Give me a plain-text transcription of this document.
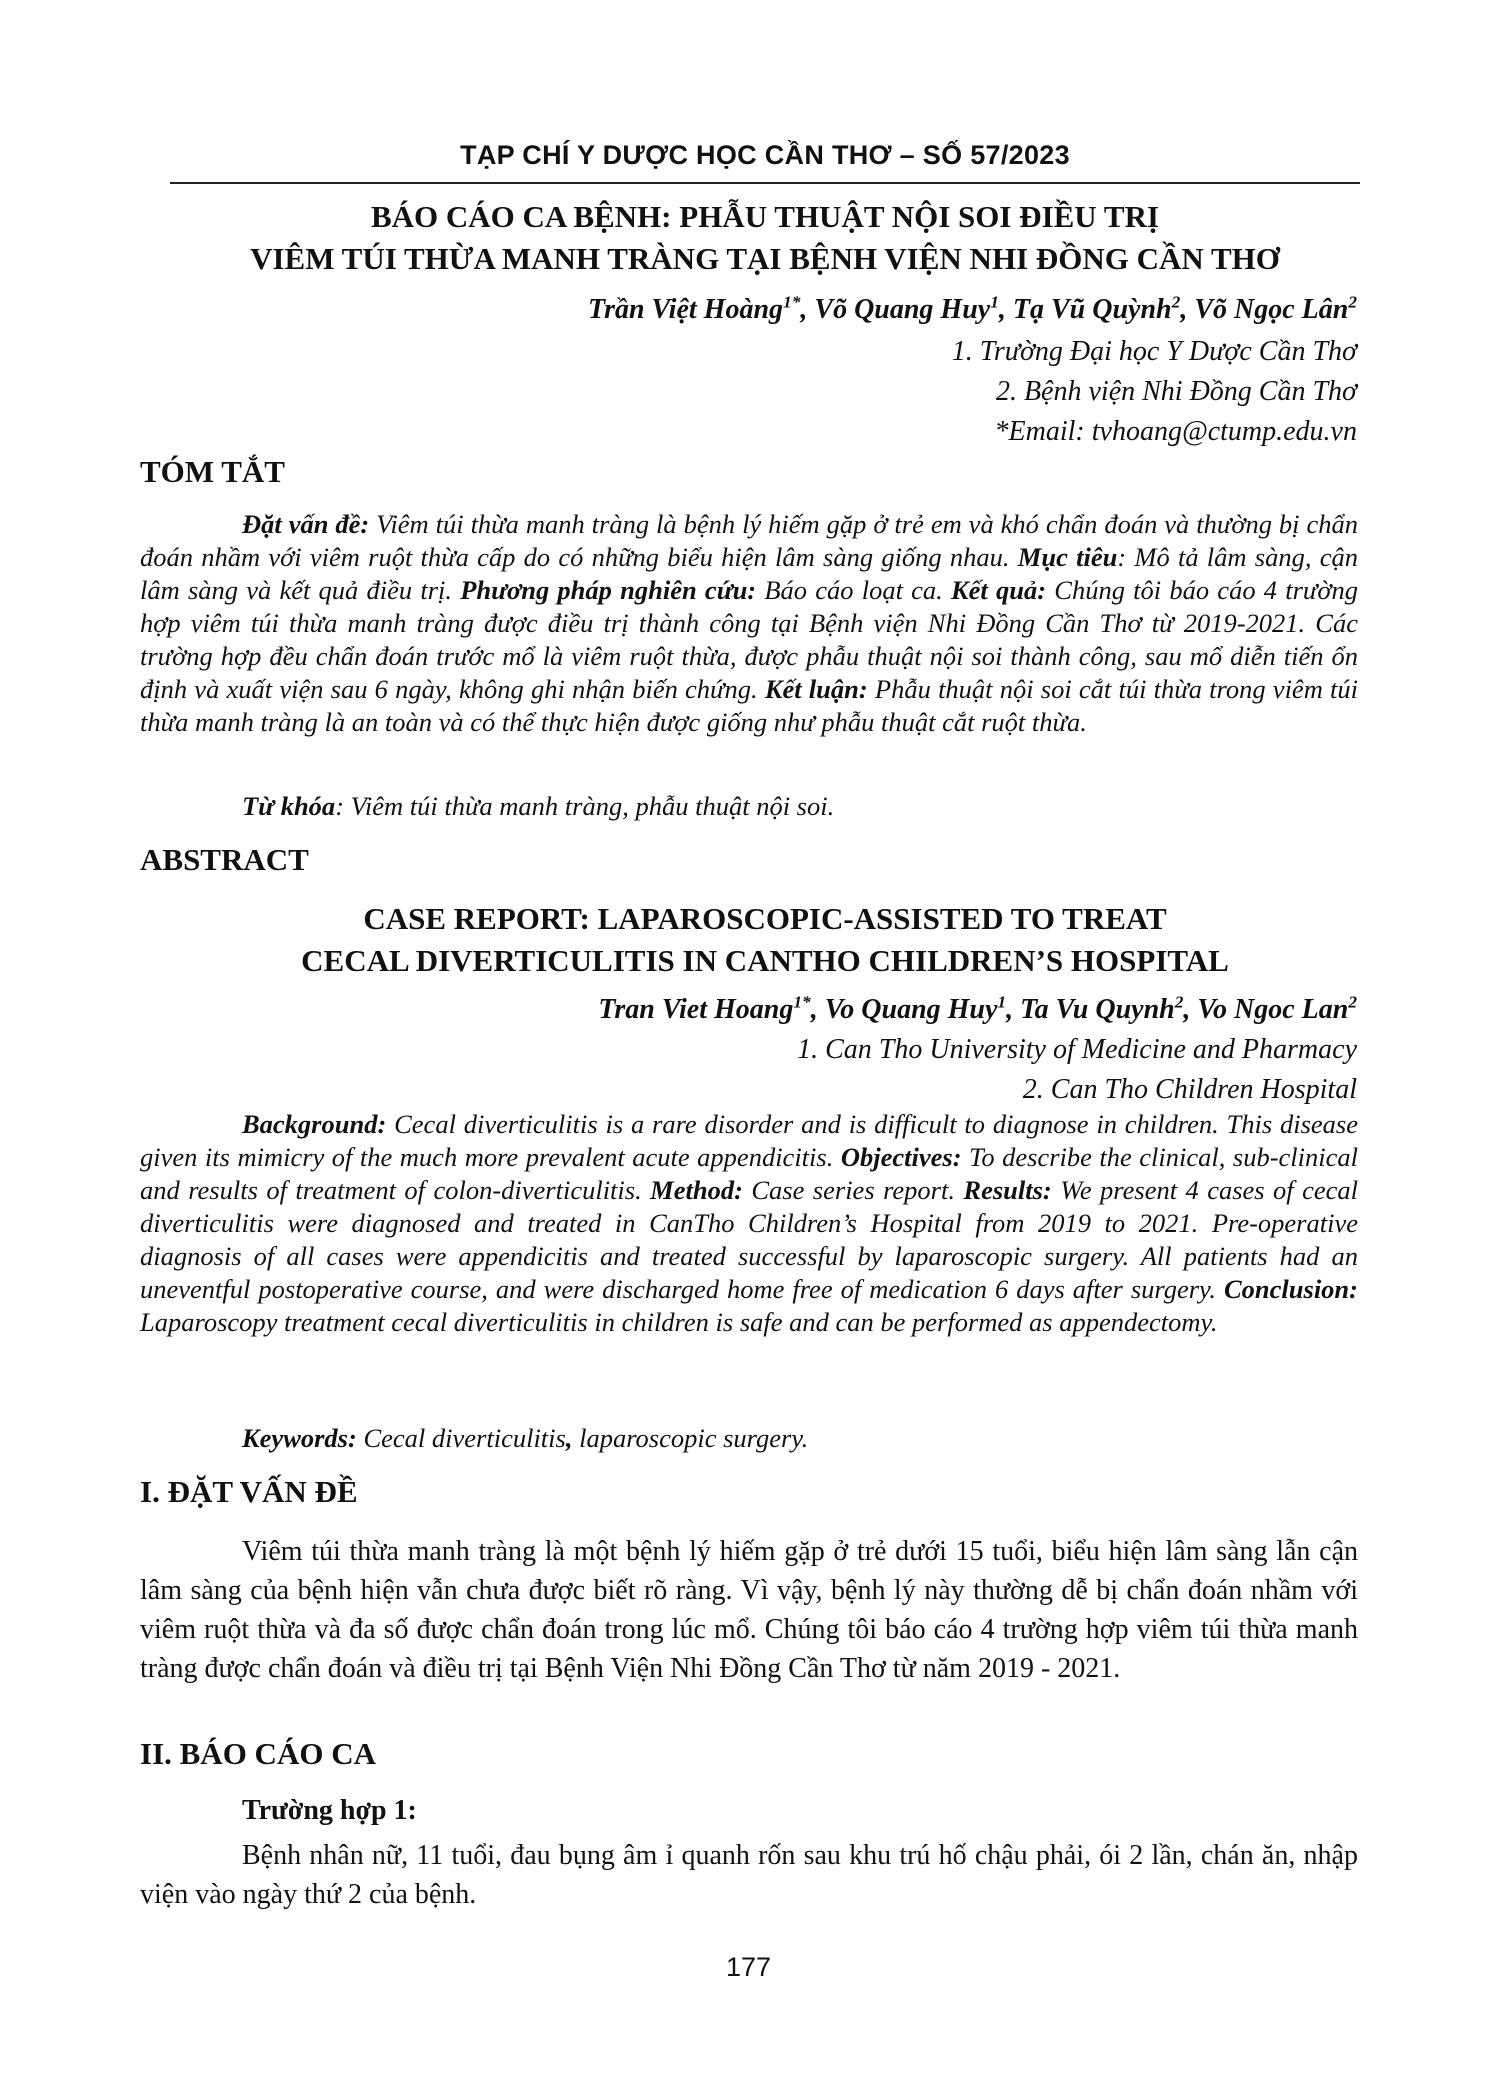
TẠP CHÍ Y DƯỢC HỌC CẦN THƠ – SỐ 57/2023
BÁO CÁO CA BỆNH: PHẪU THUẬT NỘI SOI ĐIỀU TRỊ
VIÊM TÚI THỪA MANH TRÀNG TẠI BỆNH VIỆN NHI ĐỒNG CẦN THƠ
Trần Việt Hoàng$^{1*}$, Võ Quang Huy$^1$, Tạ Vũ Quỳnh$^2$, Võ Ngọc Lân$^2$
1. Trường Đại học Y Dược Cần Thơ
2. Bệnh viện Nhi Đồng Cần Thơ
*Email: tvhoang@ctump.edu.vn
TÓM TẮT
Đặt vấn đề: Viêm túi thừa manh tràng là bệnh lý hiếm gặp ở trẻ em và khó chẩn đoán và thường bị chẩn đoán nhầm với viêm ruột thừa cấp do có những biểu hiện lâm sàng giống nhau. Mục tiêu: Mô tả lâm sàng, cận lâm sàng và kết quả điều trị. Phương pháp nghiên cứu: Báo cáo loạt ca. Kết quả: Chúng tôi báo cáo 4 trường hợp viêm túi thừa manh tràng được điều trị thành công tại Bệnh viện Nhi Đồng Cần Thơ từ 2019-2021. Các trường hợp đều chẩn đoán trước mổ là viêm ruột thừa, được phẫu thuật nội soi thành công, sau mổ diễn tiến ổn định và xuất viện sau 6 ngày, không ghi nhận biến chứng. Kết luận: Phẫu thuật nội soi cắt túi thừa trong viêm túi thừa manh tràng là an toàn và có thể thực hiện được giống như phẫu thuật cắt ruột thừa.
Từ khóa: Viêm túi thừa manh tràng, phẫu thuật nội soi.
ABSTRACT
CASE REPORT: LAPAROSCOPIC-ASSISTED TO TREAT
CECAL DIVERTICULITIS IN CANTHO CHILDREN’S HOSPITAL
Tran Viet Hoang$^{1*}$, Vo Quang Huy$^1$, Ta Vu Quynh$^2$, Vo Ngoc Lan$^2$
1. Can Tho University of Medicine and Pharmacy
2. Can Tho Children Hospital
Background: Cecal diverticulitis is a rare disorder and is difficult to diagnose in children. This disease given its mimicry of the much more prevalent acute appendicitis. Objectives: To describe the clinical, sub-clinical and results of treatment of colon-diverticulitis. Method: Case series report. Results: We present 4 cases of cecal diverticulitis were diagnosed and treated in CanTho Children’s Hospital from 2019 to 2021. Pre-operative diagnosis of all cases were appendicitis and treated successful by laparoscopic surgery. All patients had an uneventful postoperative course, and were discharged home free of medication 6 days after surgery. Conclusion: Laparoscopy treatment cecal diverticulitis in children is safe and can be performed as appendectomy.
Keywords: Cecal diverticulitis, laparoscopic surgery.
I. ĐẶT VẤN ĐỀ
Viêm túi thừa manh tràng là một bệnh lý hiếm gặp ở trẻ dưới 15 tuổi, biểu hiện lâm sàng lẫn cận lâm sàng của bệnh hiện vẫn chưa được biết rõ ràng. Vì vậy, bệnh lý này thường dễ bị chẩn đoán nhầm với viêm ruột thừa và đa số được chẩn đoán trong lúc mổ. Chúng tôi báo cáo 4 trường hợp viêm túi thừa manh tràng được chẩn đoán và điều trị tại Bệnh Viện Nhi Đồng Cần Thơ từ năm 2019 - 2021.
II. BÁO CÁO CA
Trường hợp 1:
Bệnh nhân nữ, 11 tuổi, đau bụng âm ỉ quanh rốn sau khu trú hố chậu phải, ói 2 lần, chán ăn, nhập viện vào ngày thứ 2 của bệnh.
177
